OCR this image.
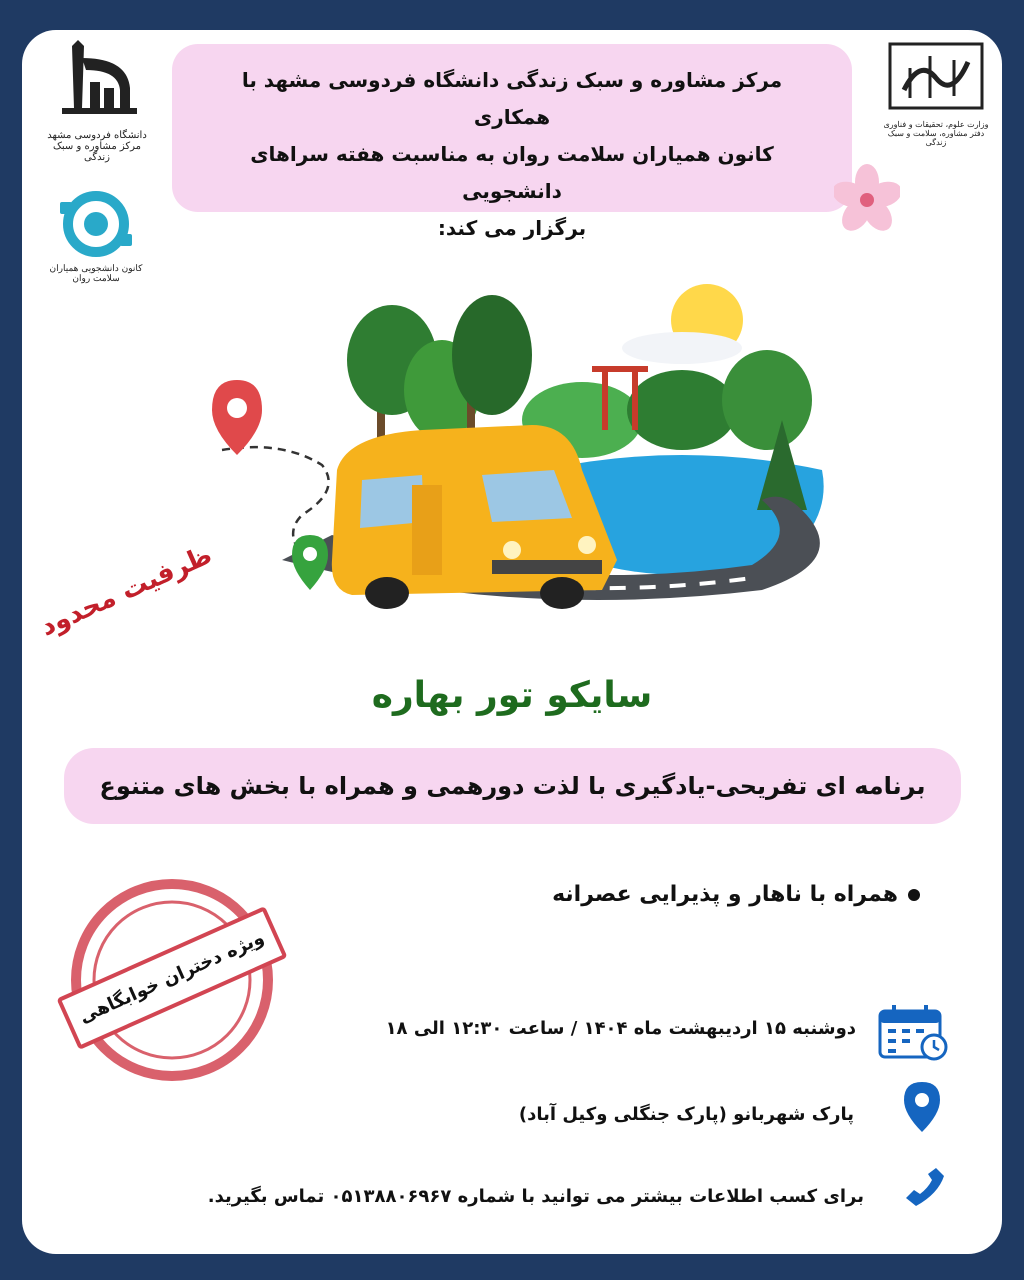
دانشگاه فردوسی مشهد
مرکز مشاوره و سبک زندگی
کانون دانشجویی همیاران
سلامت روان
وزارت علوم، تحقیقات و فناوری
دفتر مشاوره، سلامت و سبک زندگی
مرکز مشاوره و سبک زندگی دانشگاه فردوسی مشهد با همکاری
کانون همیاران سلامت روان به مناسبت هفته سراهای دانشجویی
برگزار می کند:
ظرفیت محدود
سایکو تور بهاره
برنامه ای تفریحی-یادگیری با لذت دورهمی و همراه با بخش های متنوع
همراه با ناهار و پذیرایی عصرانه
ویژه دختران خوابگاهی
دوشنبه ۱۵ اردیبهشت ماه ۱۴۰۴ / ساعت ۱۲:۳۰ الی ۱۸
پارک شهربانو (پارک جنگلی وکیل آباد)
برای کسب اطلاعات بیشتر می توانید با شماره ۰۵۱۳۸۸۰۶۹۶۷ تماس بگیرید.
